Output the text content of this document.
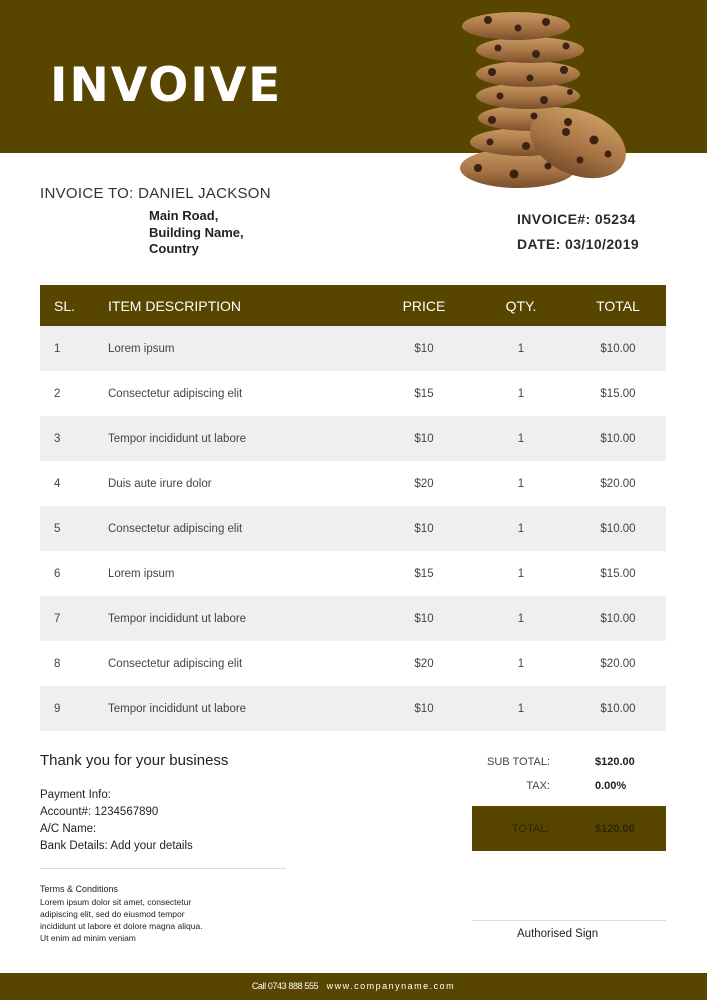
INVOIVE
INVOICE TO: DANIEL JACKSON
Main Road,
Building Name,
Country
INVOICE#: 05234
DATE: 03/10/2019
SL. ITEM DESCRIPTION	PRICE	QTY.	TOTAL
1	Lorem ipsum	$10	1	$10.00
2	Consectetur adipiscing elit	$15	1	$15.00
3	Tempor incididunt ut labore	$10	1	$10.00
4	Duis aute irure dolor	$20	1	$20.00
5	Consectetur adipiscing elit	$10	1	$10.00
6	Lorem ipsum	$15	1	$15.00
7	Tempor incididunt ut labore	$10	1	$10.00
8	Consectetur adipiscing elit	$20	1	$20.00
9	Tempor incididunt ut labore	$10	1	$10.00
Thank you for your business
Payment Info:
Account#: 1234567890
A/C Name:
Bank Details: Add your details
Terms & Conditions
Lorem ipsum dolor sit amet, consectetur
adipiscing elit, sed do eiusmod tempor
incididunt ut labore et dolore magna aliqua.
Ut enim ad minim veniam
SUB TOTAL:	$120.00
TAX:	0.00%
TOTAL:	$120.00
Authorised Sign
Call 0743 888 555 www.companyname.com
